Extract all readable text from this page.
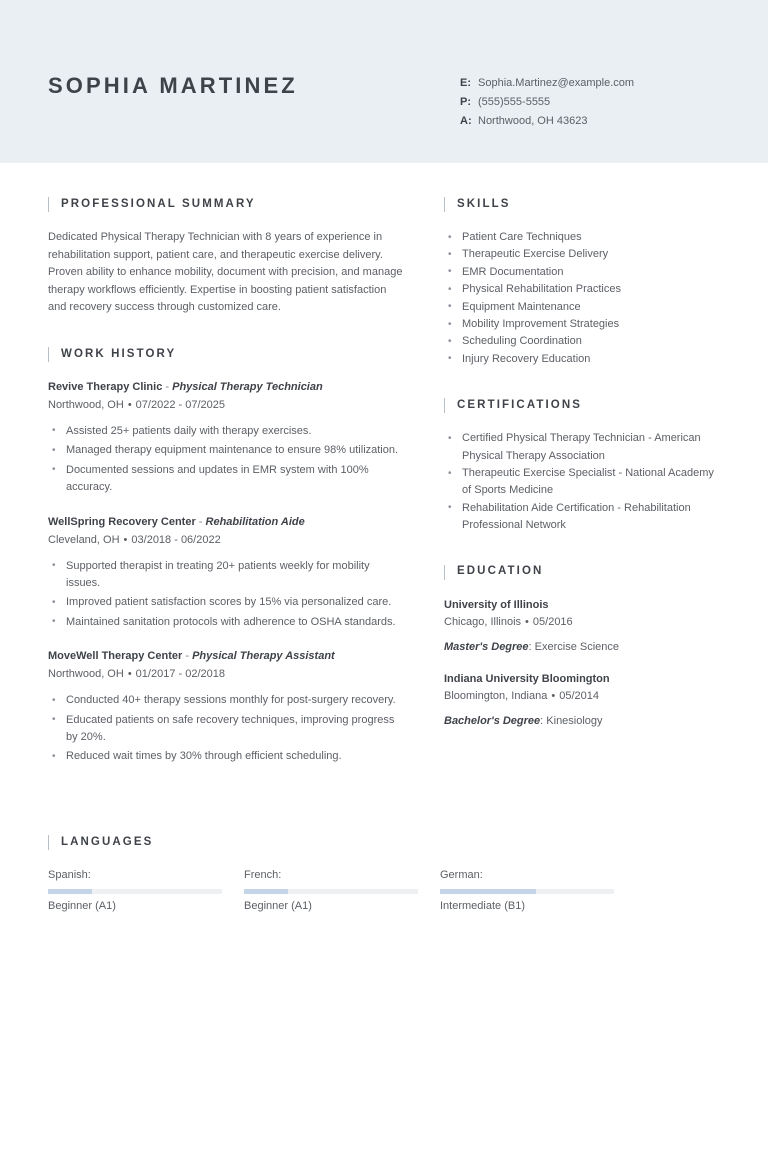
SOPHIA MARTINEZ	E: Sophia.Martinez@example.com
P: (555)555-5555
A: Northwood, OH 43623
PROFESSIONAL SUMMARY
Dedicated Physical Therapy Technician with 8 years of experience in rehabilitation support, patient care, and therapeutic exercise delivery. Proven ability to enhance mobility, document with precision, and manage therapy workflows efficiently. Expertise in boosting patient satisfaction and recovery success through customized care.
WORK HISTORY
Revive Therapy Clinic - Physical Therapy Technician
Northwood, OH • 07/2022 - 07/2025
• Assisted 25+ patients daily with therapy exercises.
• Managed therapy equipment maintenance to ensure 98% utilization.
• Documented sessions and updates in EMR system with 100% accuracy.
WellSpring Recovery Center - Rehabilitation Aide
Cleveland, OH • 03/2018 - 06/2022
• Supported therapist in treating 20+ patients weekly for mobility issues.
• Improved patient satisfaction scores by 15% via personalized care.
• Maintained sanitation protocols with adherence to OSHA standards.
MoveWell Therapy Center - Physical Therapy Assistant
Northwood, OH • 01/2017 - 02/2018
• Conducted 40+ therapy sessions monthly for post-surgery recovery.
• Educated patients on safe recovery techniques, improving progress by 20%.
• Reduced wait times by 30% through efficient scheduling.
SKILLS
• Patient Care Techniques
• Therapeutic Exercise Delivery
• EMR Documentation
• Physical Rehabilitation Practices
• Equipment Maintenance
• Mobility Improvement Strategies
• Scheduling Coordination
• Injury Recovery Education
CERTIFICATIONS
• Certified Physical Therapy Technician - American Physical Therapy Association
• Therapeutic Exercise Specialist - National Academy of Sports Medicine
• Rehabilitation Aide Certification - Rehabilitation Professional Network
EDUCATION
University of Illinois
Chicago, Illinois • 05/2016
Master's Degree: Exercise Science
Indiana University Bloomington
Bloomington, Indiana • 05/2014
Bachelor's Degree: Kinesiology
LANGUAGES
Spanish:
Beginner (A1)
French:
Beginner (A1)
German:
Intermediate (B1)
